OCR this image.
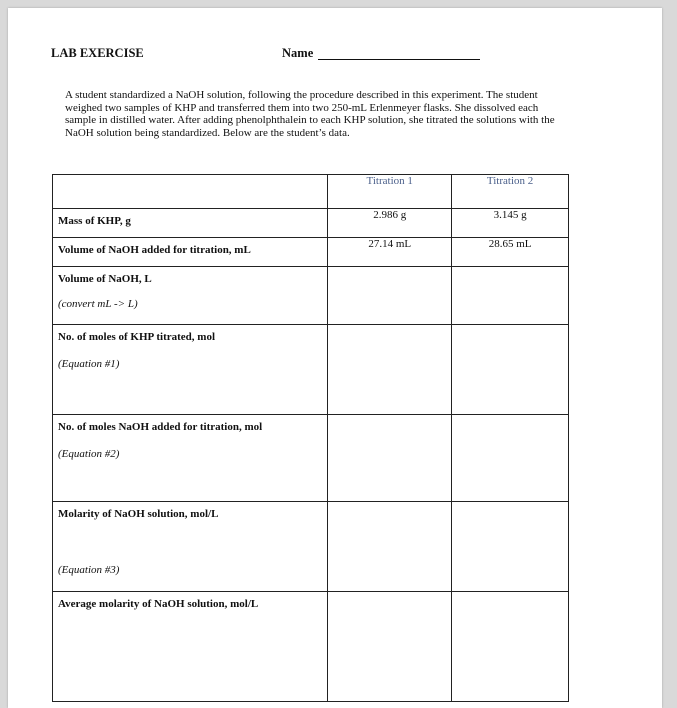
LAB EXERCISE	Name
A student standardized a NaOH solution, following the procedure described in this experiment. The student weighed two samples of KHP and transferred them into two 250-mL Erlenmeyer flasks. She dissolved each sample in distilled water. After adding phenolphthalein to each KHP solution, she titrated the solutions with the NaOH solution being standardized. Below are the student’s data.
	Titration 1	Titration 2

Mass of KHP, g	2.986 g	3.145 g

Volume of NaOH added for titration, mL	27.14 mL	28.65 mL

Volume of NaOH, L
(convert mL -> L)		

No. of moles of KHP titrated, mol
(Equation #1)		

No. of moles NaOH added for titration, mol
(Equation #2)		

Molarity of NaOH solution, mol/L
(Equation #3)		

Average molarity of NaOH solution, mol/L		
